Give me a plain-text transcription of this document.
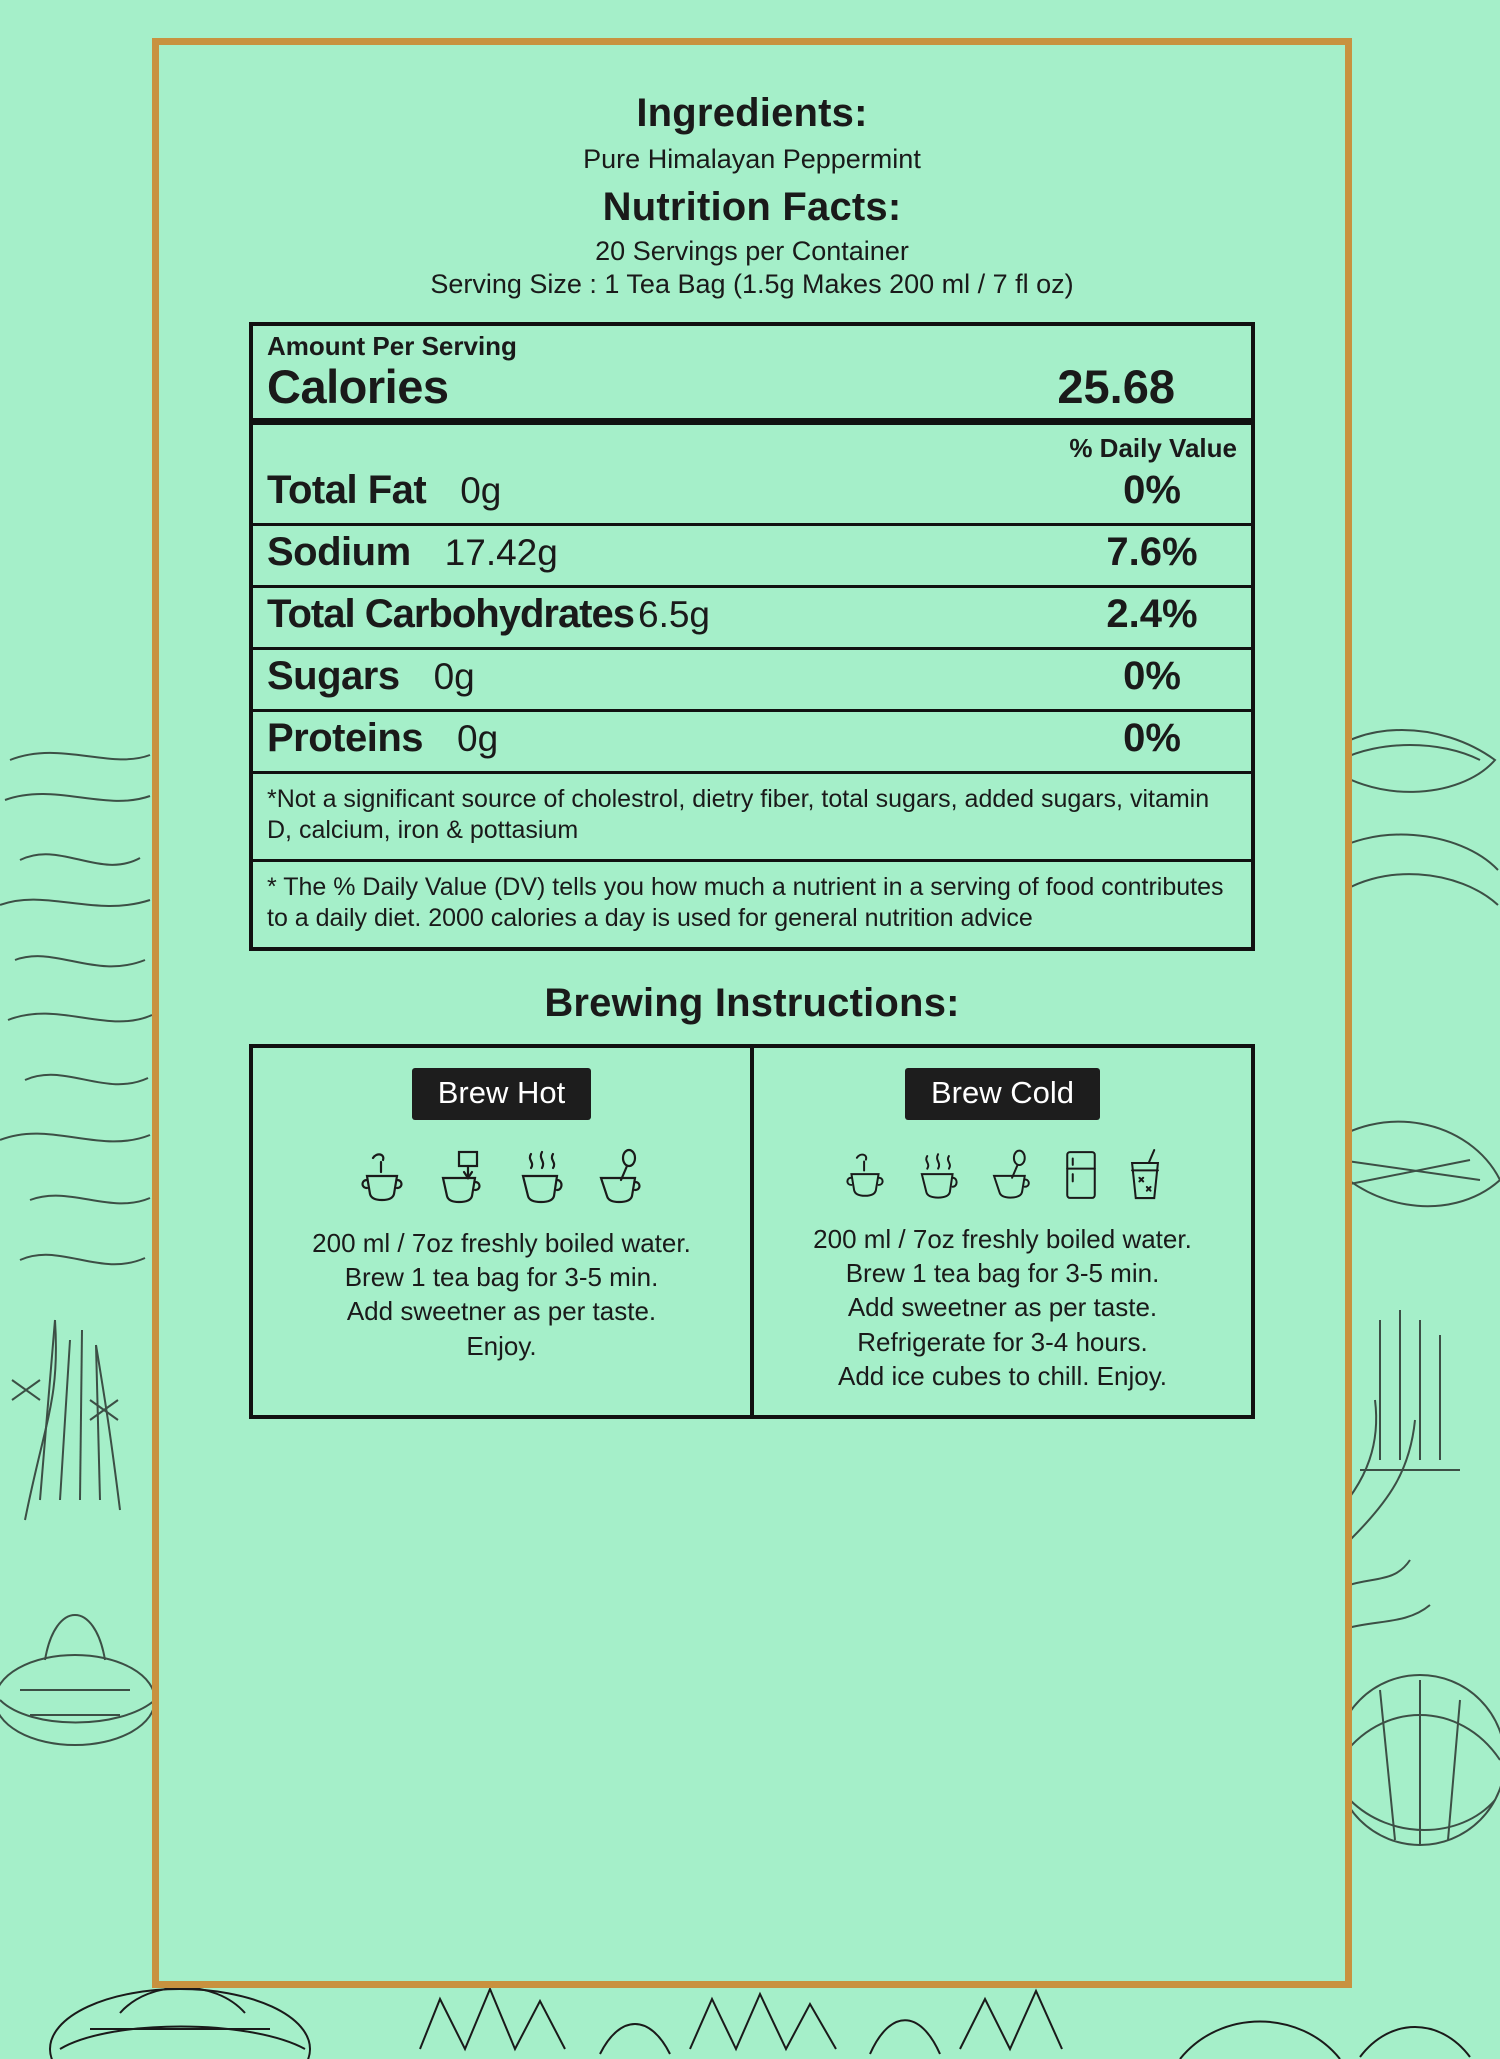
Ingredients:
Pure Himalayan Peppermint
Nutrition Facts:
20 Servings per Container
Serving Size : 1 Tea Bag (1.5g Makes 200 ml / 7 fl oz)
Amount Per Serving
Calories	25.68
% Daily Value
Total Fat 0g	0%
Sodium 17.42g	7.6%
Total Carbohydrates 6.5g	2.4%
Sugars 0g	0%
Proteins 0g	0%
*Not a significant source of cholestrol, dietry fiber, total sugars, added sugars, vitamin D, calcium, iron & pottasium
* The % Daily Value (DV) tells you how much a nutrient in a serving of food contributes to a daily diet. 2000 calories a day is used for general nutrition advice
Brewing Instructions:
Brew Hot

200 ml / 7oz freshly boiled water.

Brew 1 tea bag for 3-5 min.

Add sweetner as per taste.

Enjoy.

Brew Cold

200 ml / 7oz freshly boiled water.

Brew 1 tea bag for 3-5 min.

Add sweetner as per taste.

Refrigerate for 3-4 hours.

Add ice cubes to chill. Enjoy.
